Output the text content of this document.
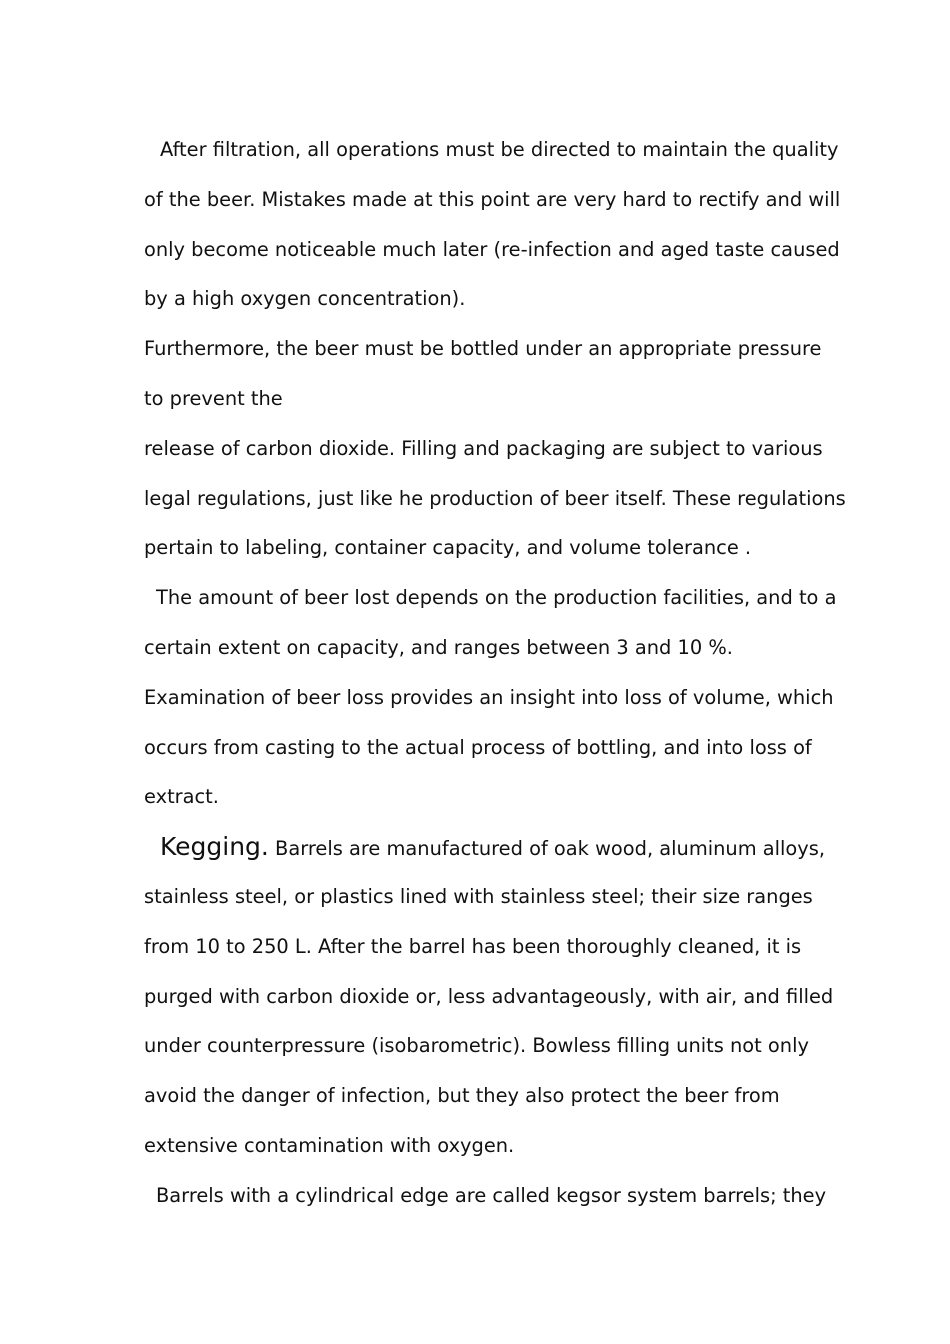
After filtration, all operations must be directed to maintain the quality
of the beer. Mistakes made at this point are very hard to rectify and will
only become noticeable much later (re-infection and aged taste caused
by a high oxygen concentration).
Furthermore, the beer must be bottled under an appropriate pressure
to prevent the
release of carbon dioxide. Filling and packaging are subject to various
legal regulations, just like he production of beer itself. These regulations
pertain to labeling, container capacity, and volume tolerance .
The amount of beer lost depends on the production facilities, and to a
certain extent on capacity, and ranges between 3 and 10 %.
Examination of beer loss provides an insight into loss of volume, which
occurs from casting to the actual process of bottling, and into loss of
extract.
Kegging. Barrels are manufactured of oak wood, aluminum alloys,
stainless steel, or plastics lined with stainless steel; their size ranges
from 10 to 250 L. After the barrel has been thoroughly cleaned, it is
purged with carbon dioxide or, less advantageously, with air, and filled
under counterpressure (isobarometric). Bowless filling units not only
avoid the danger of infection, but they also protect the beer from
extensive contamination with oxygen.
Barrels with a cylindrical edge are called kegsor system barrels; they
